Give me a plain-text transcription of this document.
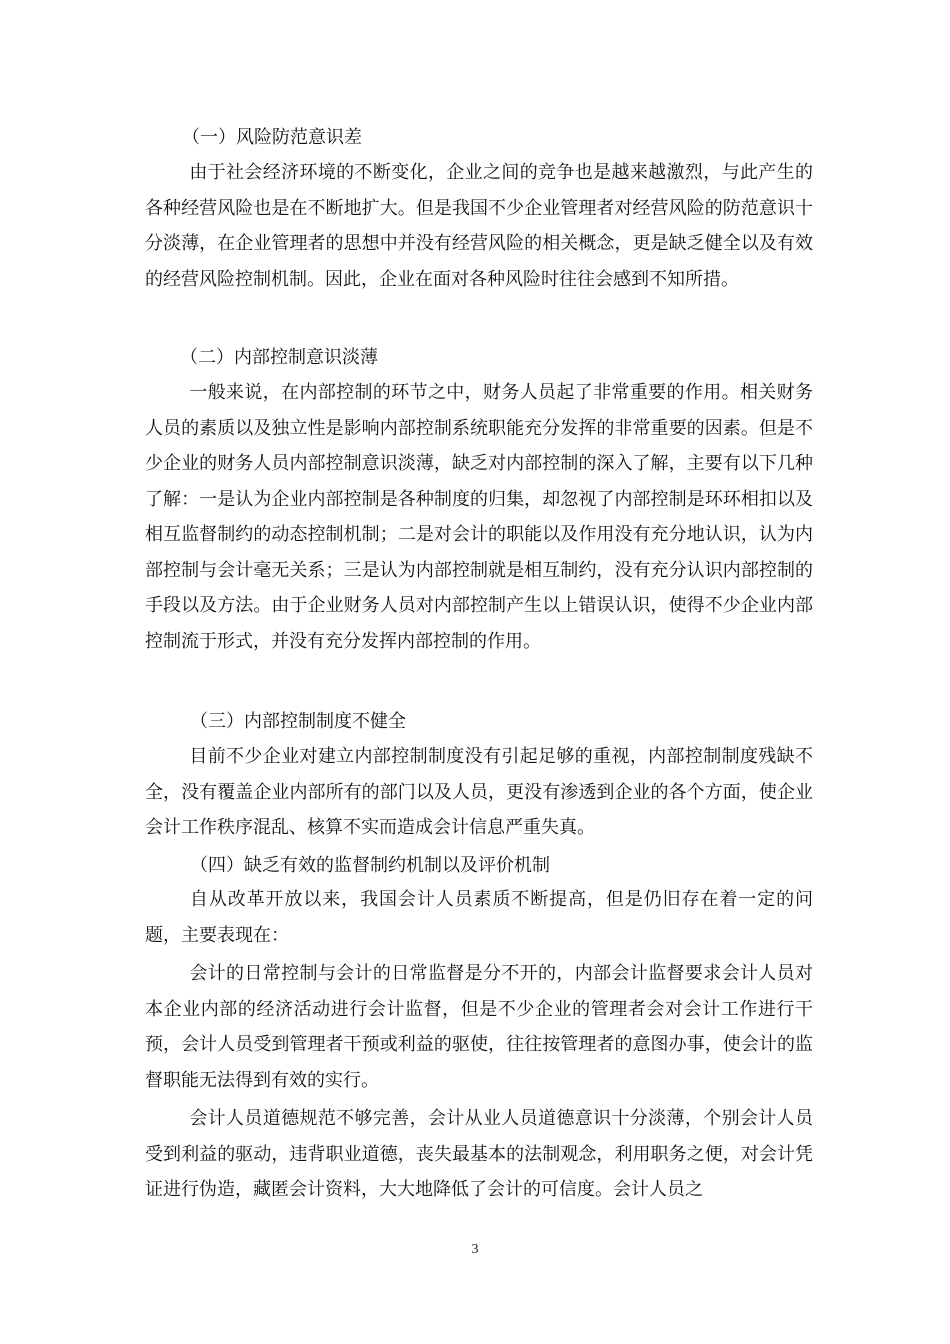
（一）风险防范意识差

由于社会经济环境的不断变化，企业之间的竞争也是越来越激烈，与此产生的各种经营风险也是在不断地扩大。但是我国不少企业管理者对经营风险的防范意识十分淡薄，在企业管理者的思想中并没有经营风险的相关概念，更是缺乏健全以及有效的经营风险控制机制。因此，企业在面对各种风险时往往会感到不知所措。

（二）内部控制意识淡薄

一般来说，在内部控制的环节之中，财务人员起了非常重要的作用。相关财务人员的素质以及独立性是影响内部控制系统职能充分发挥的非常重要的因素。但是不少企业的财务人员内部控制意识淡薄，缺乏对内部控制的深入了解，主要有以下几种了解：一是认为企业内部控制是各种制度的归集，却忽视了内部控制是环环相扣以及相互监督制约的动态控制机制；二是对会计的职能以及作用没有充分地认识，认为内部控制与会计毫无关系；三是认为内部控制就是相互制约，没有充分认识内部控制的手段以及方法。由于企业财务人员对内部控制产生以上错误认识，使得不少企业内部控制流于形式，并没有充分发挥内部控制的作用。

（三）内部控制制度不健全

目前不少企业对建立内部控制制度没有引起足够的重视，内部控制制度残缺不全，没有覆盖企业内部所有的部门以及人员，更没有渗透到企业的各个方面，使企业会计工作秩序混乱、核算不实而造成会计信息严重失真。

（四）缺乏有效的监督制约机制以及评价机制

自从改革开放以来，我国会计人员素质不断提高，但是仍旧存在着一定的问题，主要表现在：

会计的日常控制与会计的日常监督是分不开的，内部会计监督要求会计人员对本企业内部的经济活动进行会计监督，但是不少企业的管理者会对会计工作进行干预，会计人员受到管理者干预或利益的驱使，往往按管理者的意图办事，使会计的监督职能无法得到有效的实行。

会计人员道德规范不够完善，会计从业人员道德意识十分淡薄，个别会计人员受到利益的驱动，违背职业道德，丧失最基本的法制观念，利用职务之便，对会计凭证进行伪造，藏匿会计资料，大大地降低了会计的可信度。会计人员之

3
